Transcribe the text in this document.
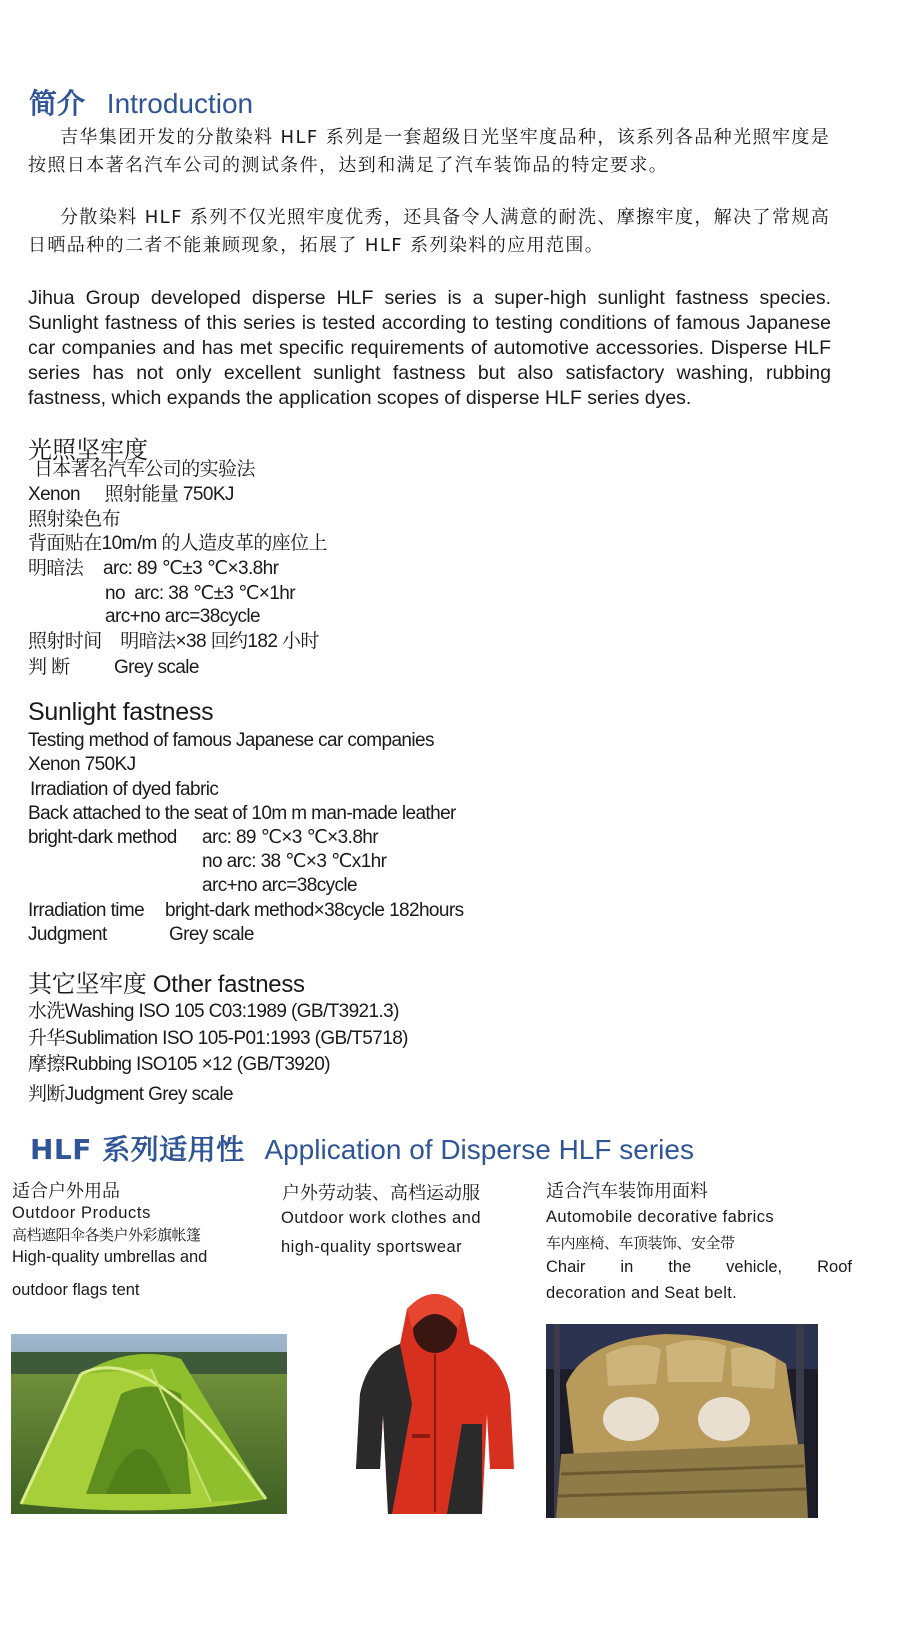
简介 Introduction
吉华集团开发的分散染料 HLF 系列是一套超级日光坚牢度品种，该系列各品种光照牢度是按照日本著名汽车公司的测试条件，达到和满足了汽车装饰品的特定要求。
分散染料 HLF 系列不仅光照牢度优秀，还具备令人满意的耐洗、摩擦牢度，解决了常规高日晒品种的二者不能兼顾现象，拓展了 HLF 系列染料的应用范围。
Jihua Group developed disperse HLF series is a super-high sunlight fastness species. Sunlight fastness of this series is tested according to testing conditions of famous Japanese car companies and has met specific requirements of automotive accessories. Disperse HLF series has not only excellent sunlight fastness but also satisfactory washing, rubbing fastness, which expands the application scopes of disperse HLF series dyes.
光照坚牢度
日本著名汽车公司的实验法
Xenon 照射能量 750KJ
照射染色布
背面贴在10m/m 的人造皮革的座位上
明暗法 arc: 89 ℃±3 ℃×3.8hr
no  arc: 38 ℃±3 ℃×1hr
arc+no arc=38cycle
照射时间 明暗法×38 回约182 小时
判 断 Grey scale
Sunlight fastness
Testing method of famous Japanese car companies
Xenon 750KJ
Irradiation of dyed fabric
Back attached to the seat of 10m m man-made leather
bright-dark method arc: 89 ℃×3 ℃×3.8hr
no arc: 38 ℃×3 ℃x1hr
arc+no arc=38cycle
Irradiation time bright-dark method×38cycle 182hours
Judgment	Grey scale
其它坚牢度 Other fastness
水洗Washing ISO 105 C03:1989 (GB/T3921.3)
升华Sublimation ISO 105-P01:1993 (GB/T5718)
摩擦Rubbing ISO105 ×12 (GB/T3920)
判断Judgment Grey scale
HLF 系列适用性 Application of Disperse HLF series
适合户外用品
Outdoor Products
高档遮阳伞各类户外彩旗帐篷
High-quality umbrellas and
outdoor flags tent
户外劳动装、高档运动服
Outdoor work clothes and
high-quality sportswear
适合汽车装饰用面料
Automobile decorative fabrics
车内座椅、车顶装饰、安全带
Chair in the vehicle, Roof
decoration and Seat belt.
